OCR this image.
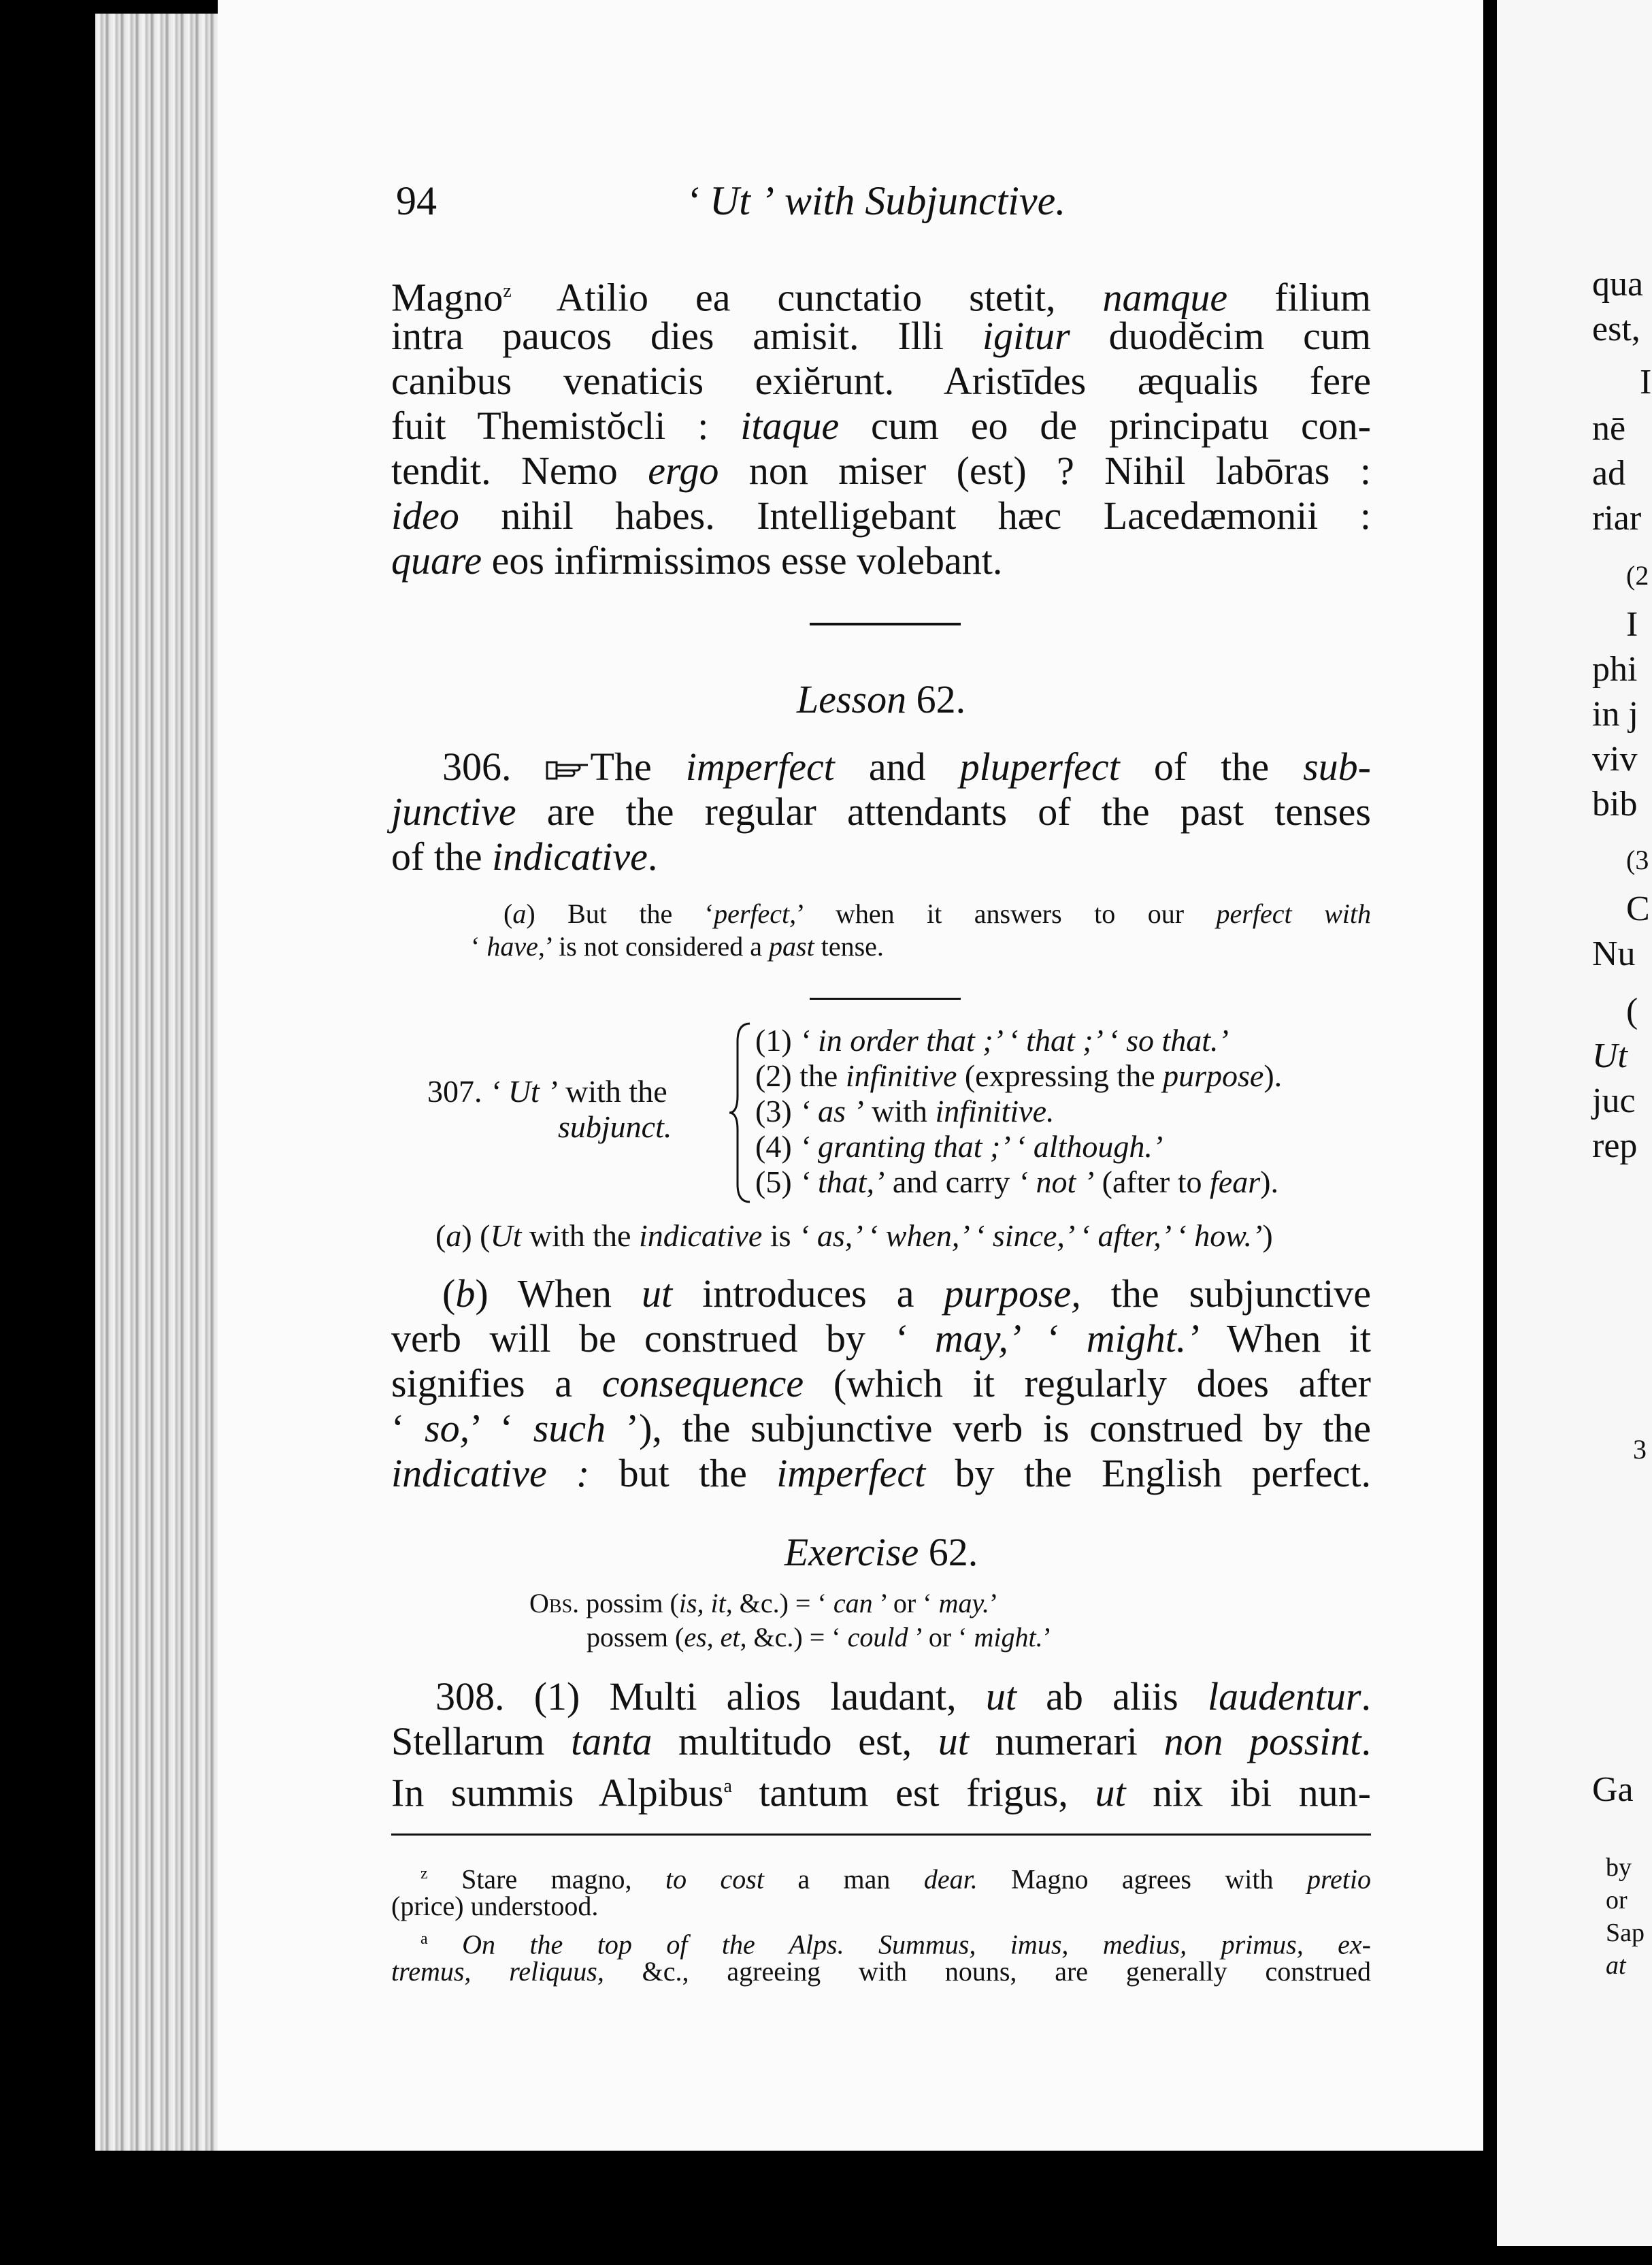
94	‘ Ut ’ with Subjunctive.
Magno$^z$ Atilio ea cunctatio stetit, namque filium
intra paucos dies amisit. Illi igitur duodĕcim cum
canibus venaticis exiĕrunt. Aristīdes æqualis fere
fuit Themistŏcli : itaque cum eo de principatu con-
tendit. Nemo ergo non miser (est) ? Nihil labōras :
ideo nihil habes. Intelligebant hæc Lacedæmonii :
quare eos infirmissimos esse volebant.
Lesson 62.
306. The imperfect and pluperfect of the sub-
junctive are the regular attendants of the past tenses
of the indicative.
(a) But the ‘perfect,’ when it answers to our perfect with
‘ have,’ is not considered a past tense.
307. ‘ Ut ’ with the
subjunct.
(1) ‘ in order that ;’ ‘ that ;’ ‘ so that.’
(2) the infinitive (expressing the purpose).
(3) ‘ as ’ with infinitive.
(4) ‘ granting that ;’ ‘ although.’
(5) ‘ that,’ and carry ‘ not ’ (after to fear).
(a) (Ut with the indicative is ‘ as,’ ‘ when,’ ‘ since,’ ‘ after,’ ‘ how.’)
(b) When ut introduces a purpose, the subjunctive
verb will be construed by ‘ may,’ ‘ might.’ When it
signifies a consequence (which it regularly does after
‘ so,’ ‘ such ’), the subjunctive verb is construed by the
indicative : but the imperfect by the English perfect.
Exercise 62.
Obs. possim (is, it, &c.) = ‘ can ’ or ‘ may.’
possem (es, et, &c.) = ‘ could ’ or ‘ might.’
308. (1) Multi alios laudant, ut ab aliis laudentur.
Stellarum tanta multitudo est, ut numerari non possint.
In summis Alpibus$^a$ tantum est frigus, ut nix ibi nun-
$^z$ Stare magno, to cost a man dear. Magno agrees with pretio
(price) understood.
$^a$ On the top of the Alps. Summus, imus, medius, primus, ex-
tremus, reliquus, &c., agreeing with nouns, are generally construed
qua
est,
I
nē
ad
riar
(2
I
phi
in j
viv
bib
(3
C
Nu
(
Ut
juc
rep
3
Ga
by
or
Sap
at
